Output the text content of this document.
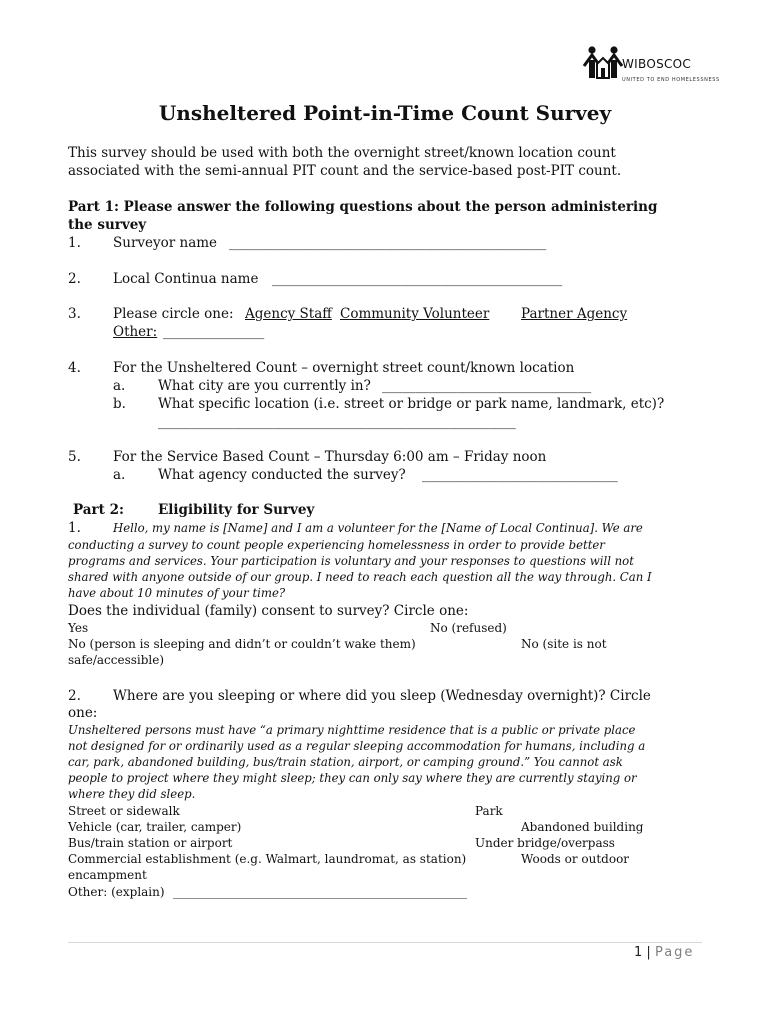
WIBOSCOC
UNITED TO END HOMELESSNESS
Unsheltered Point-in-Time Count Survey
This survey should be used with both the overnight street/known location count
associated with the semi-annual PIT count and the service-based post-PIT count.
Part 1: Please answer the following questions about the person administering
the survey
1. Surveyor name _______________________________________________
2. Local Continua name ___________________________________________
3. Please circle one: Agency Staff Community Volunteer Partner Agency
Other: _______________
4. For the Unsheltered Count – overnight street count/known location
a. What city are you currently in? _______________________________
b. What specific location (i.e. street or bridge or park name, landmark, etc)?
_____________________________________________________
5. For the Service Based Count – Thursday 6:00 am – Friday noon
a. What agency conducted the survey? _____________________________
Part 2:	Eligibility for Survey
1.	Hello, my name is [Name] and I am a volunteer for the [Name of Local Continua]. We are
conducting a survey to count people experiencing homelessness in order to provide better
programs and services. Your participation is voluntary and your responses to questions will not
shared with anyone outside of our group. I need to reach each question all the way through. Can I
have about 10 minutes of your time?
Does the individual (family) consent to survey? Circle one:
Yes	No (refused)
No (person is sleeping and didn’t or couldn’t wake them)	No (site is not
safe/accessible)
2. Where are you sleeping or where did you sleep (Wednesday overnight)? Circle
one:
Unsheltered persons must have “a primary nighttime residence that is a public or private place
not designed for or ordinarily used as a regular sleeping accommodation for humans, including a
car, park, abandoned building, bus/train station, airport, or camping ground.” You cannot ask
people to project where they might sleep; they can only say where they are currently staying or
where they did sleep.
Street or sidewalk	Park
Vehicle (car, trailer, camper)	Abandoned building
Bus/train station or airport	Under bridge/overpass
Commercial establishment (e.g. Walmart, laundromat, as station)	Woods or outdoor
encampment
Other: (explain) _________________________________________________
1 | Page
